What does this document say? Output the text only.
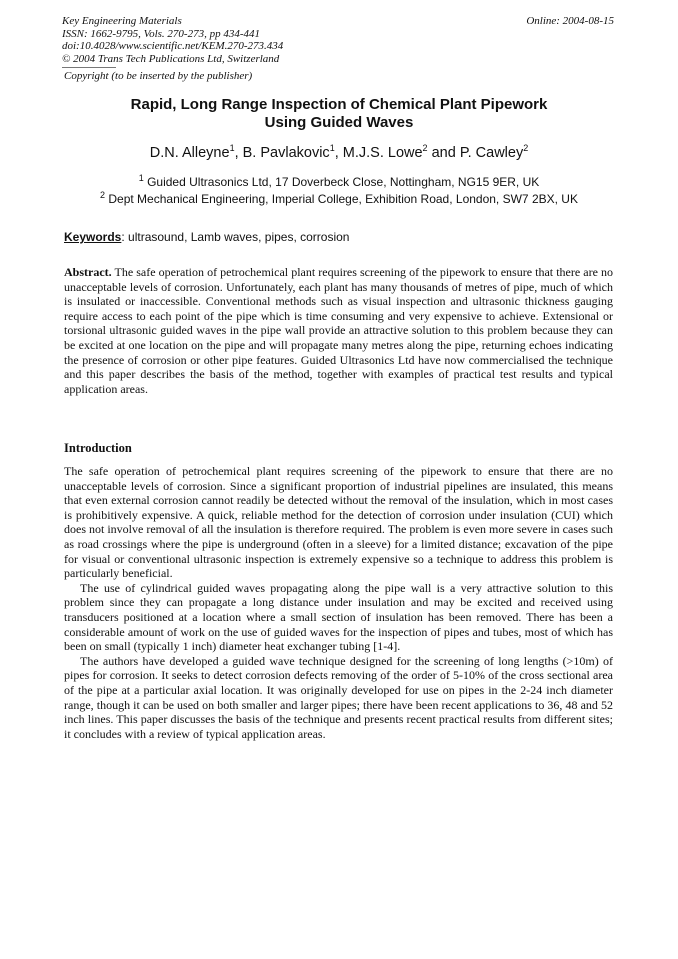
Key Engineering Materials
ISSN: 1662-9795, Vols. 270-273, pp 434-441
doi:10.4028/www.scientific.net/KEM.270-273.434
© 2004 Trans Tech Publications Ltd, Switzerland
Online: 2004-08-15
Copyright (to be inserted by the publisher)
Rapid, Long Range Inspection of Chemical Plant Pipework
Using Guided Waves
D.N. Alleyne$^1$, B. Pavlakovic$^1$, M.J.S. Lowe$^2$ and P. Cawley$^2$
$^1$ Guided Ultrasonics Ltd, 17 Doverbeck Close, Nottingham, NG15 9ER, UK
$^2$ Dept Mechanical Engineering, Imperial College, Exhibition Road, London, SW7 2BX, UK
Keywords: ultrasound, Lamb waves, pipes, corrosion
Abstract. The safe operation of petrochemical plant requires screening of the pipework to ensure that there are no unacceptable levels of corrosion. Unfortunately, each plant has many thousands of metres of pipe, much of which is insulated or inaccessible. Conventional methods such as visual inspection and ultrasonic thickness gauging require access to each point of the pipe which is time consuming and very expensive to achieve. Extensional or torsional ultrasonic guided waves in the pipe wall provide an attractive solution to this problem because they can be excited at one location on the pipe and will propagate many metres along the pipe, returning echoes indicating the presence of corrosion or other pipe features. Guided Ultrasonics Ltd have now commercialised the technique and this paper describes the basis of the method, together with examples of practical test results and typical application areas.
Introduction

The safe operation of petrochemical plant requires screening of the pipework to ensure that there are no unacceptable levels of corrosion. Since a significant proportion of industrial pipelines are insulated, this means that even external corrosion cannot readily be detected without the removal of the insulation, which in most cases is prohibitively expensive. A quick, reliable method for the detection of corrosion under insulation (CUI) which does not involve removal of all the insulation is therefore required. The problem is even more severe in cases such as road crossings where the pipe is underground (often in a sleeve) for a limited distance; excavation of the pipe for visual or conventional ultrasonic inspection is extremely expensive so a technique to address this problem is particularly beneficial.

The use of cylindrical guided waves propagating along the pipe wall is a very attractive solution to this problem since they can propagate a long distance under insulation and may be excited and received using transducers positioned at a location where a small section of insulation has been removed. There has been a considerable amount of work on the use of guided waves for the inspection of pipes and tubes, most of which has been on small (typically 1 inch) diameter heat exchanger tubing [1-4].

The authors have developed a guided wave technique designed for the screening of long lengths (>10m) of pipes for corrosion. It seeks to detect corrosion defects removing of the order of 5-10% of the cross sectional area of the pipe at a particular axial location. It was originally developed for use on pipes in the 2-24 inch diameter range, though it can be used on both smaller and larger pipes; there have been recent applications to 36, 48 and 52 inch lines. This paper discusses the basis of the technique and presents recent practical results from different sites; it concludes with a review of typical application areas.
